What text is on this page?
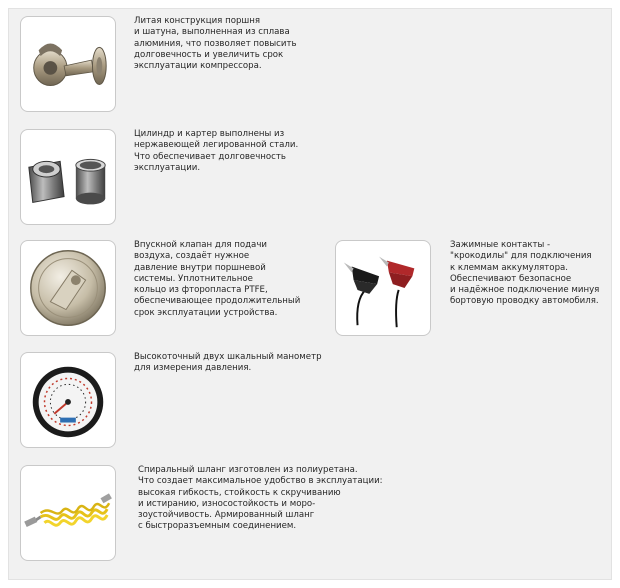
Литая конструкция поршня
и шатуна, выполненная из сплава
алюминия, что позволяет повысить
долговечность и увеличить срок
эксплуатации компрессора.
Цилиндр и картер выполнены из
нержавеющей легированной стали.
Что обеспечивает долговечность
эксплуатации.
Впускной клапан для подачи
воздуха, создаёт нужное
давление внутри поршневой
системы. Уплотнительное
кольцо из фторопласта PTFE,
обеспечивающее продолжительный
срок эксплуатации устройства.
Зажимные контакты -
"крокодилы" для подключения
к клеммам аккумулятора.
Обеспечивают безопасное
и надёжное подключение минуя
бортовую проводку автомобиля.
Высокоточный двух шкальный манометр
для измерения давления.
Спиральный шланг изготовлен из полиуретана.
Что создает максимальное удобство в эксплуатации:
высокая гибкость, стойкость к скручиванию
и истиранию, износостойкость и моро-
зоустойчивость. Армированный шланг
с быстроразъемным соединением.
